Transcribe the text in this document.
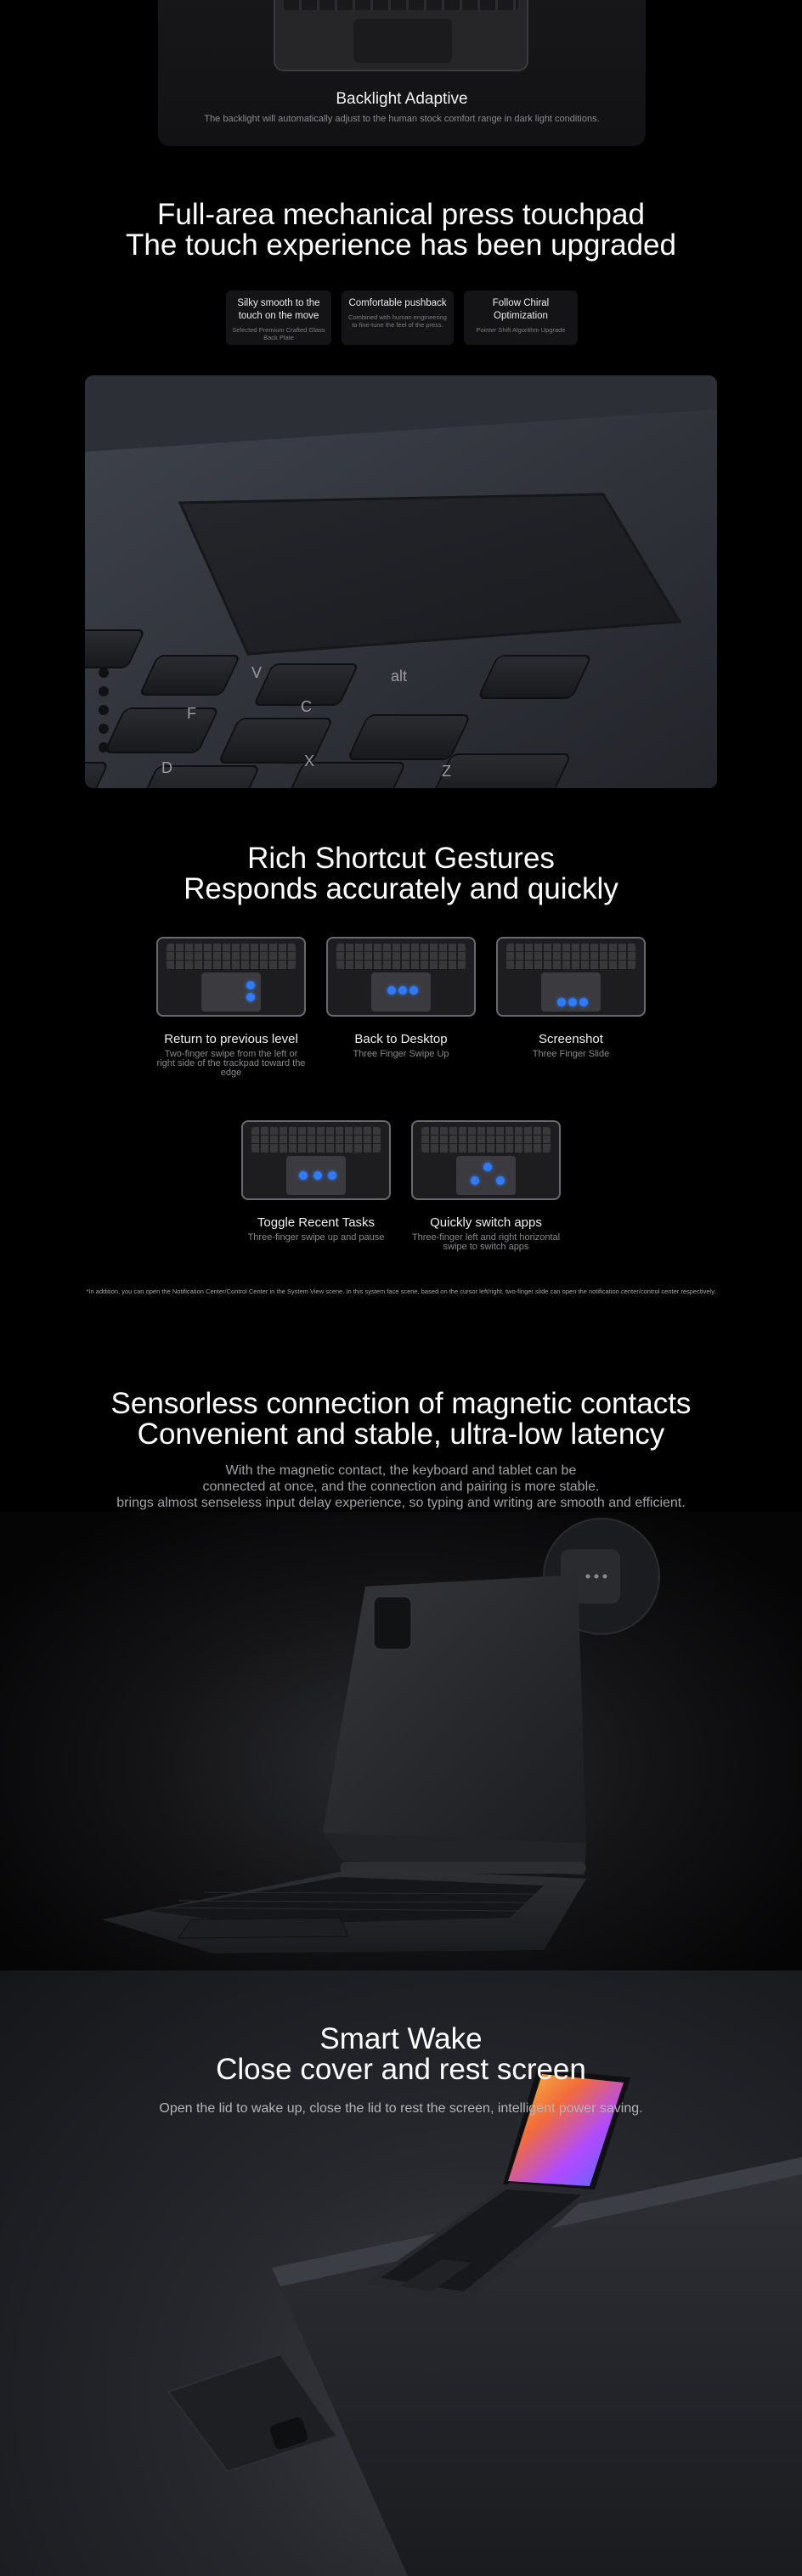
Backlight Adaptive
The backlight will automatically adjust to the human stock comfort range in dark light conditions.
Full-area mechanical press touchpad
The touch experience has been upgraded
Silky smooth to the touch on the move
Selected Premium Crafted Glass Back Plate
Comfortable pushback
Combined with human engineering to fine-tune the feel of the press.
Follow Chiral Optimization
Pointer Shift Algorithm Upgrade
V
F	C
alt
D	X
Z
Rich Shortcut Gestures
Responds accurately and quickly
Return to previous level
Two-finger swipe from the left or right side of the trackpad toward the edge
Back to Desktop
Three Finger Swipe Up
Screenshot
Three Finger Slide
Toggle Recent Tasks
Three-finger swipe up and pause
Quickly switch apps
Three-finger left and right horizontal swipe to switch apps
*In addition, you can open the Notification Center/Control Center in the System View scene. In this system face scene, based on the cursor left/right, two-finger slide can open the notification center/control center respectively.
Sensorless connection of magnetic contacts
Convenient and stable, ultra-low latency
With the magnetic contact, the keyboard and tablet can be
connected at once, and the connection and pairing is more stable.
brings almost senseless input delay experience, so typing and writing are smooth and efficient.
Smart Wake
Close cover and rest screen
Open the lid to wake up, close the lid to rest the screen, intelligent power saving.
